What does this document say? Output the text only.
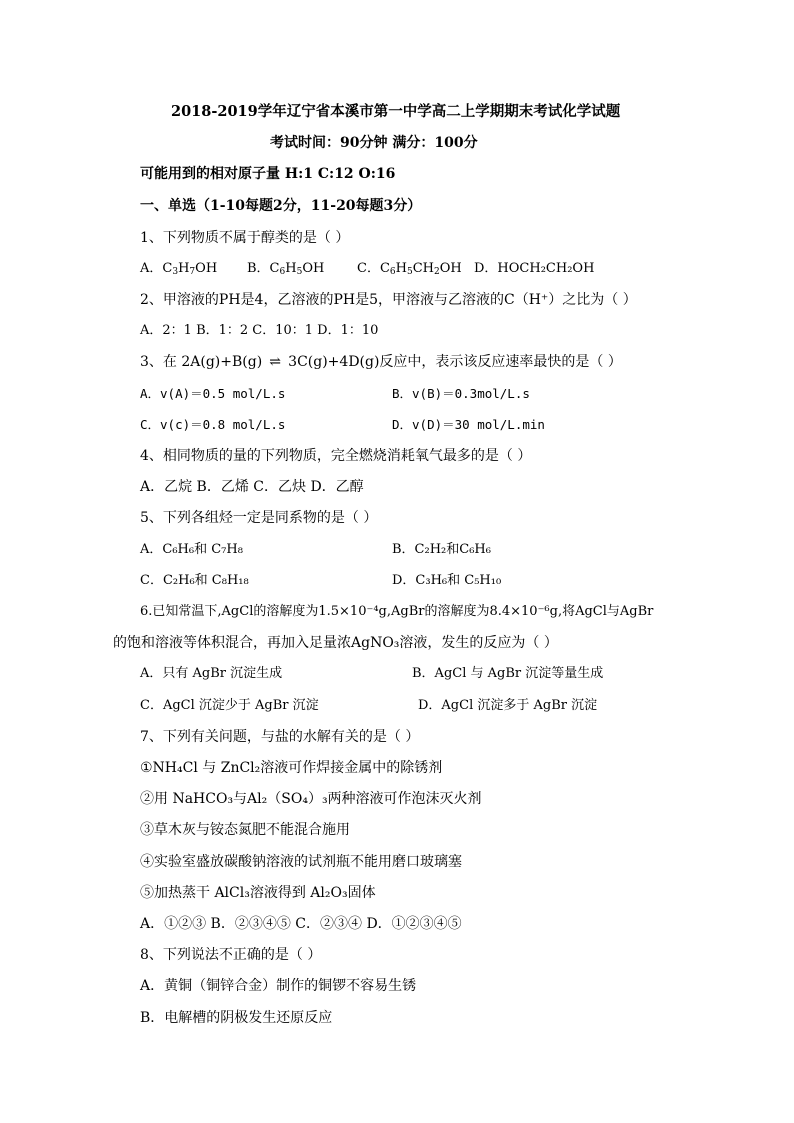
2018-2019学年辽宁省本溪市第一中学高二上学期期末考试化学试题
考试时间：90分钟 满分：100分
可能用到的相对原子量 H:1 C:12 O:16
一、单选（1-10每题2分，11-20每题3分）
1、下列物质不属于醇类的是（ ）
A．$C_3H_7OH$ B．$C_6H_5OH$	C．$C_6H_5CH_2OH$ D．HOCH₂CH₂OH
2、甲溶液的PH是4，乙溶液的PH是5，甲溶液与乙溶液的C（H⁺）之比为（ ）
A．2：1 B．1：2 C．10：1 D．1：10
3、在 2A(g)+B(g) ⇌ 3C(g)+4D(g)反应中，表示该反应速率最快的是（ ）
A．v(A)＝0.5 mol/L.s	B．v(B)＝0.3mol/L.s
C．v(c)＝0.8 mol/L.s	D．v(D)＝30 mol/L.min
4、相同物质的量的下列物质，完全燃烧消耗氧气最多的是（ ）
A．乙烷 B．乙烯 C．乙炔 D．乙醇
5、下列各组烃一定是同系物的是（ ）
A．C₆H₆和 C₇H₈	B．C₂H₂和C₆H₆
C．C₂H₆和 C₈H₁₈	D．C₃H₆和 C₅H₁₀
6.已知常温下,AgCl的溶解度为1.5×10⁻⁴g,AgBr的溶解度为8.4×10⁻⁶g,将AgCl与AgBr
的饱和溶液等体积混合，再加入足量浓AgNO₃溶液，发生的反应为（ ）
A．只有 AgBr 沉淀生成	B．AgCl 与 AgBr 沉淀等量生成
C．AgCl 沉淀少于 AgBr 沉淀	D．AgCl 沉淀多于 AgBr 沉淀
7、下列有关问题，与盐的水解有关的是（ ）
①NH₄Cl 与 ZnCl₂溶液可作焊接金属中的除锈剂
②用 NaHCO₃与Al₂（SO₄）₃两种溶液可作泡沫灭火剂
③草木灰与铵态氮肥不能混合施用
④实验室盛放碳酸钠溶液的试剂瓶不能用磨口玻璃塞
⑤加热蒸干 AlCl₃溶液得到 Al₂O₃固体
A．①②③ B．②③④⑤ C．②③④ D．①②③④⑤
8、下列说法不正确的是（ ）
A．黄铜（铜锌合金）制作的铜锣不容易生锈
B．电解槽的阴极发生还原反应
